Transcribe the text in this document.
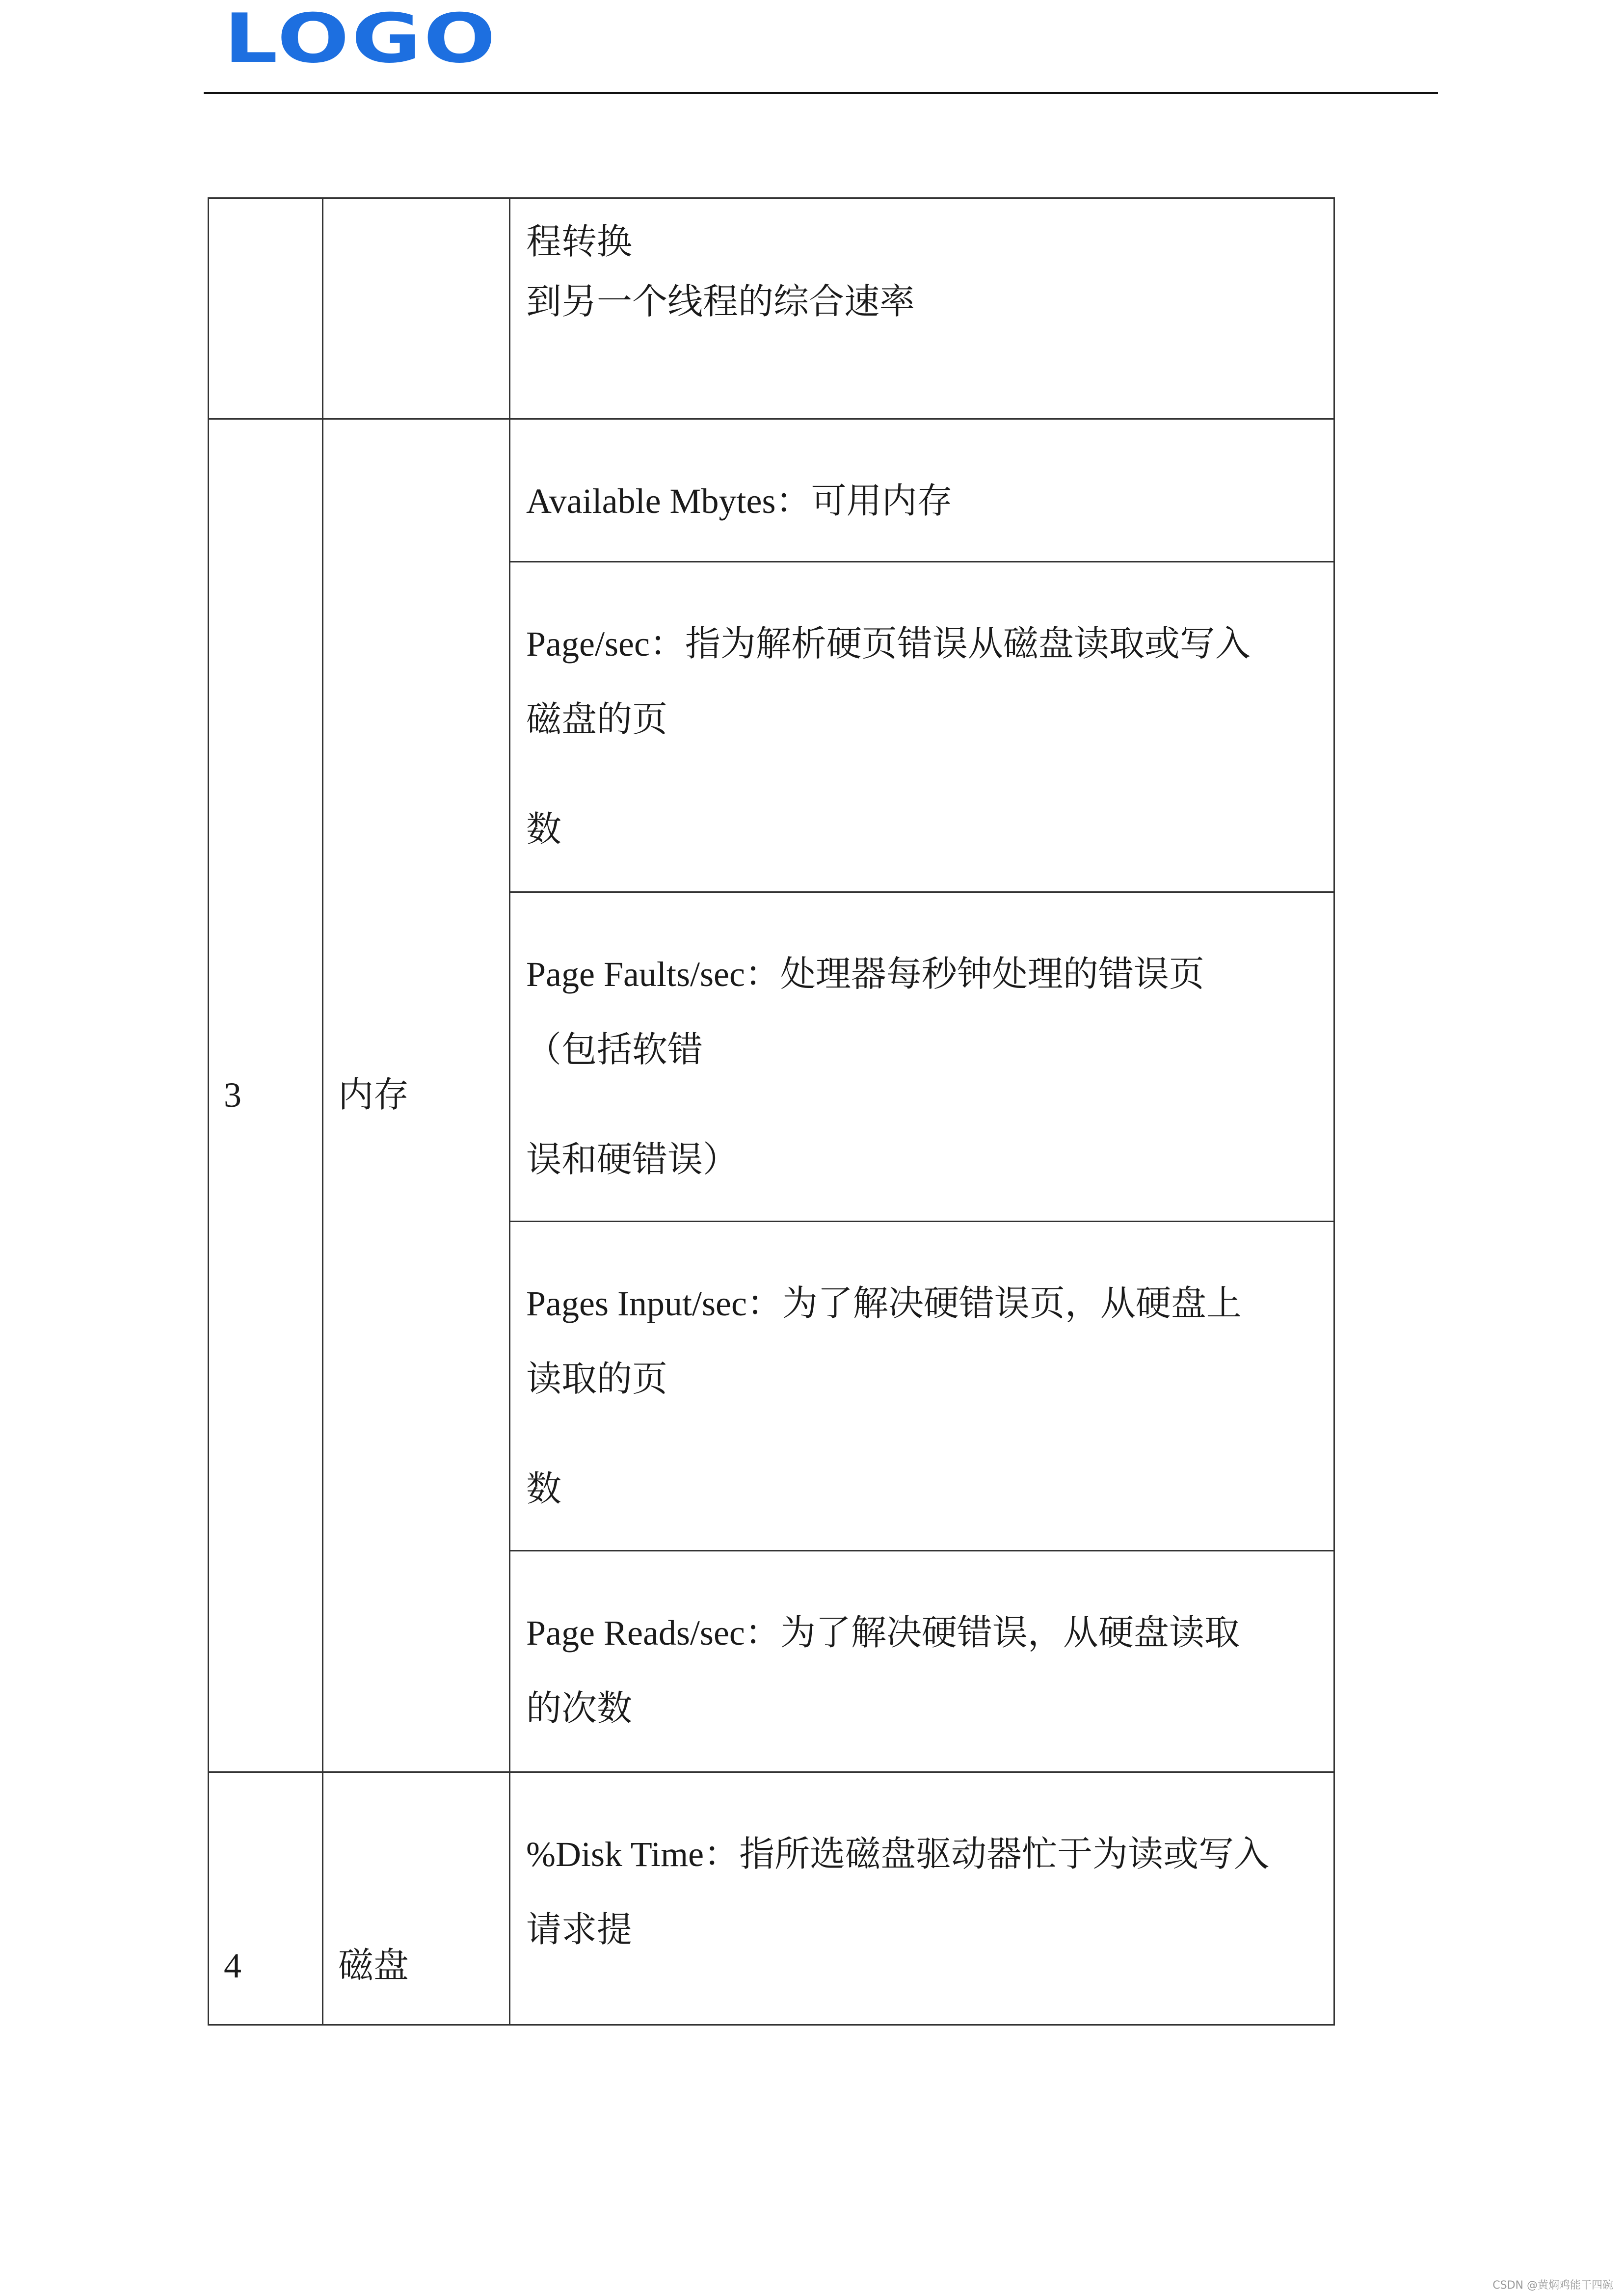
LOGO

		程转换

到另一个线程的综合速率

3	内存	Available Mbytes：可用内存

		Page/sec：指为解析硬页错误从磁盘读取或写入

磁盘的页

数

		Page Faults/sec：处理器每秒钟处理的错误页

（包括软错

误和硬错误）

		Pages Input/sec：为了解决硬错误页，从硬盘上

读取的页

数

		Page Reads/sec：为了解决硬错误，从硬盘读取

的次数

4	磁盘	%Disk Time：指所选磁盘驱动器忙于为读或写入

请求提

CSDN @黄焖鸡能干四碗
